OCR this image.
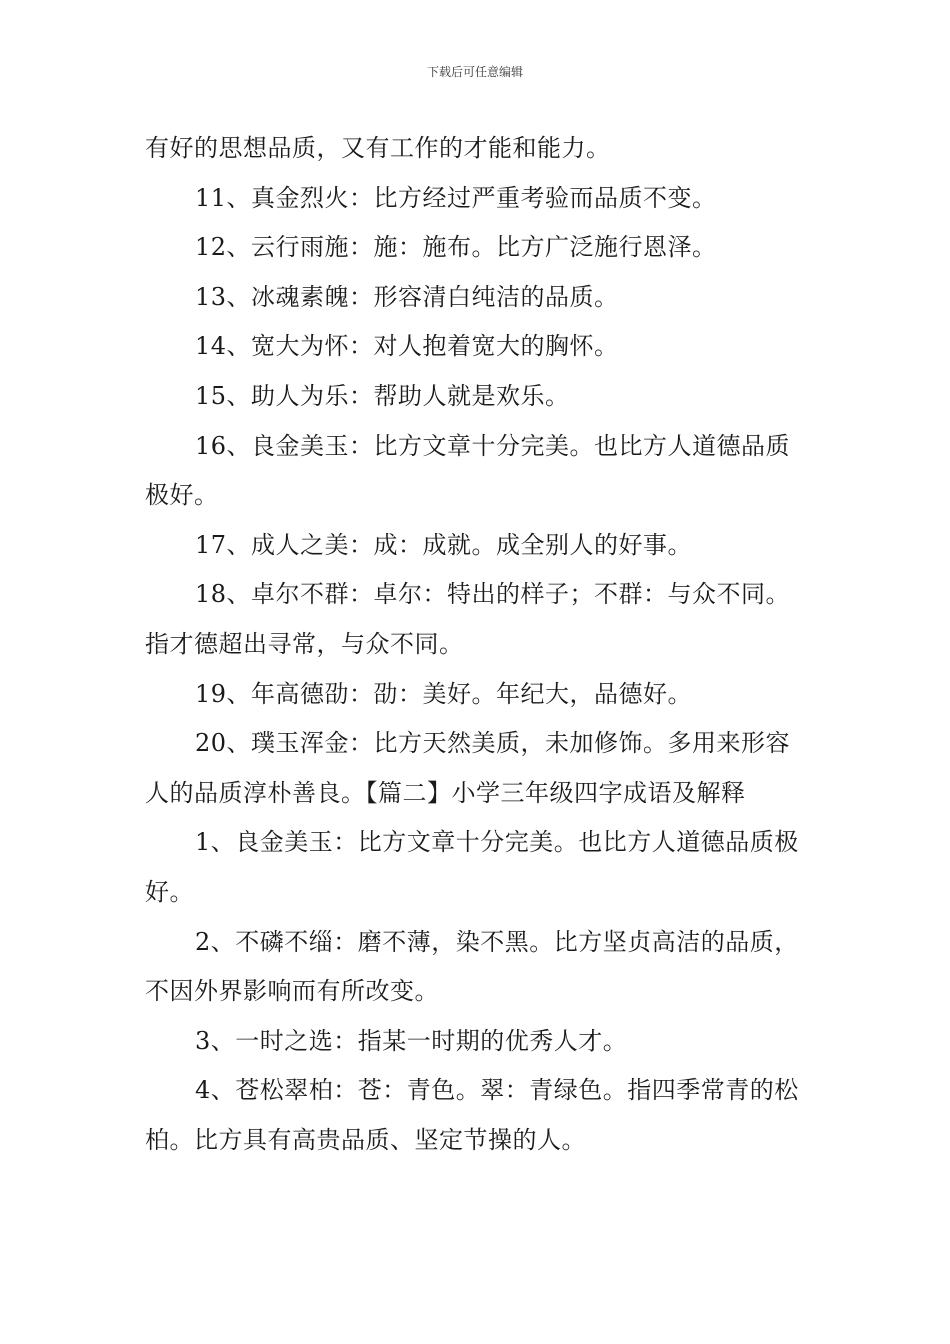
下载后可任意编辑

有好的思想品质，又有工作的才能和能力。

11、真金烈火：比方经过严重考验而品质不变。

12、云行雨施：施：施布。比方广泛施行恩泽。

13、冰魂素魄：形容清白纯洁的品质。

14、宽大为怀：对人抱着宽大的胸怀。

15、助人为乐：帮助人就是欢乐。

16、良金美玉：比方文章十分完美。也比方人道德品质极好。

17、成人之美：成：成就。成全别人的好事。

18、卓尔不群：卓尔：特出的样子；不群：与众不同。指才德超出寻常，与众不同。

19、年高德劭：劭：美好。年纪大，品德好。

20、璞玉浑金：比方天然美质，未加修饰。多用来形容人的品质淳朴善良。【篇二】小学三年级四字成语及解释

1、良金美玉：比方文章十分完美。也比方人道德品质极好。

2、不磷不缁：磨不薄，染不黑。比方坚贞高洁的品质，不因外界影响而有所改变。

3、一时之选：指某一时期的优秀人才。

4、苍松翠柏：苍：青色。翠：青绿色。指四季常青的松柏。比方具有高贵品质、坚定节操的人。
